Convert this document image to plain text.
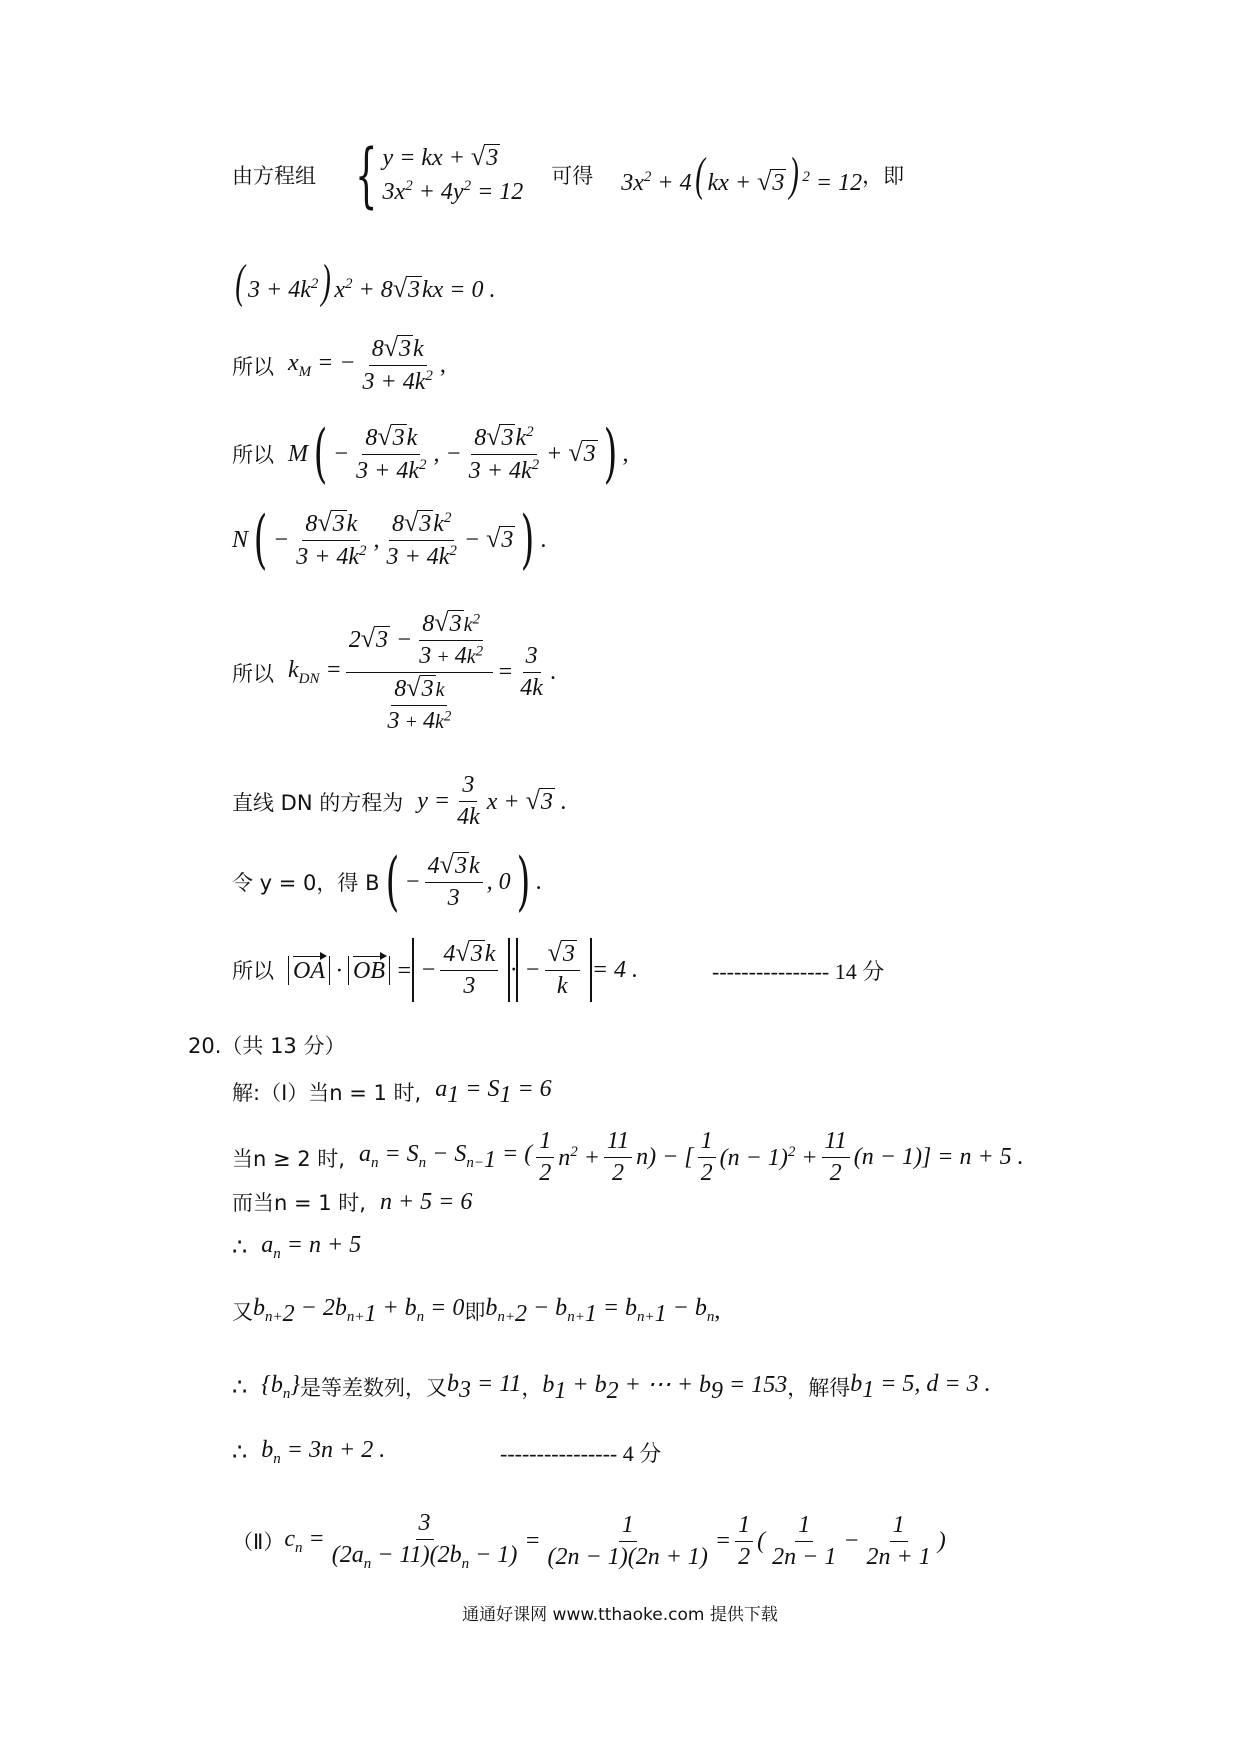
由方程组 { y = kx + √ 3
$3x^2 + 4y^2 = 12$
可得 $3x^2 + 4$( kx + √ 3 ) $^2$ = 12 ，即
( $3 + 4k^2$) $x^2 + 8$ √ 3 kx = 0 .
所以 $x_M$ = − $\frac{8 √ 3 k}{3 + 4k^2}$ ,
所以 M ( − $\frac{8 √ 3 k}{3 + 4k^2}$ , − $\frac{8 √ 3 k^2}{3 + 4k^2}$ + √ 3 ) ,
N ( − $\frac{8 √ 3 k}{3 + 4k^2}$ , $\frac{8 √ 3 k^2}{3 + 4k^2}$ − √ 3 ) .
所以 $k_{DN} = \frac{2 √ 3 - \frac{8 √ 3 k^2}{3 + 4k^2}}{\frac{8 √ 3 k}{3 + 4k^2}} = \frac{3}{4k}$ .
直线 DN 的方程为 $y = \frac{3}{4k}$ x + √ 3 .
令 y = 0，得 B ( − $\frac{4 √ 3 k}{3}$ , 0 ) .
所以 OA · OB = − $\frac{4 √ 3 k}{3}$ · − $\frac{√ 3}{k} = 4$ .	---------------- 14 分
20.（共 13 分）
解:（Ⅰ）当n = 1 时, $a_1 = S_1 = 6$
当n ≥ 2 时, $a_n = S_n - S_{n-1}$ = ( $\frac{1}{2} n^2 + \frac{11}{2} n$) − [ $\frac{1}{2} (n - 1)^2 + \frac{11}{2} (n - 1)] = n + 5$ .
而当n = 1 时, n + 5 = 6
∴ $a_n = n + 5$
又 $b_{n+2} - 2b_{n+1} + b_n = 0$ 即 $b_{n+2} - b_{n+1} = b_{n+1} - b_n$ ,
∴ $\{b_n\}$ 是等差数列，又 $b_3 = 11$ ， $b_1 + b_2$ + ⋯ + $b_9 = 153$ ，解得 $b_1 = 5$, d = 3 .
∴ $b_n = 3n + 2$ .	---------------- 4 分
（Ⅱ） $c_n = \frac{3}{(2a_n - 11)(2b_n - 1)} = \frac{1}{(2n - 1)(2n + 1)} = \frac{1}{2}$ ( $\frac{1}{2n - 1} - \frac{1}{2n + 1}$ )
通通好课网 www.tthaoke.com 提供下载
